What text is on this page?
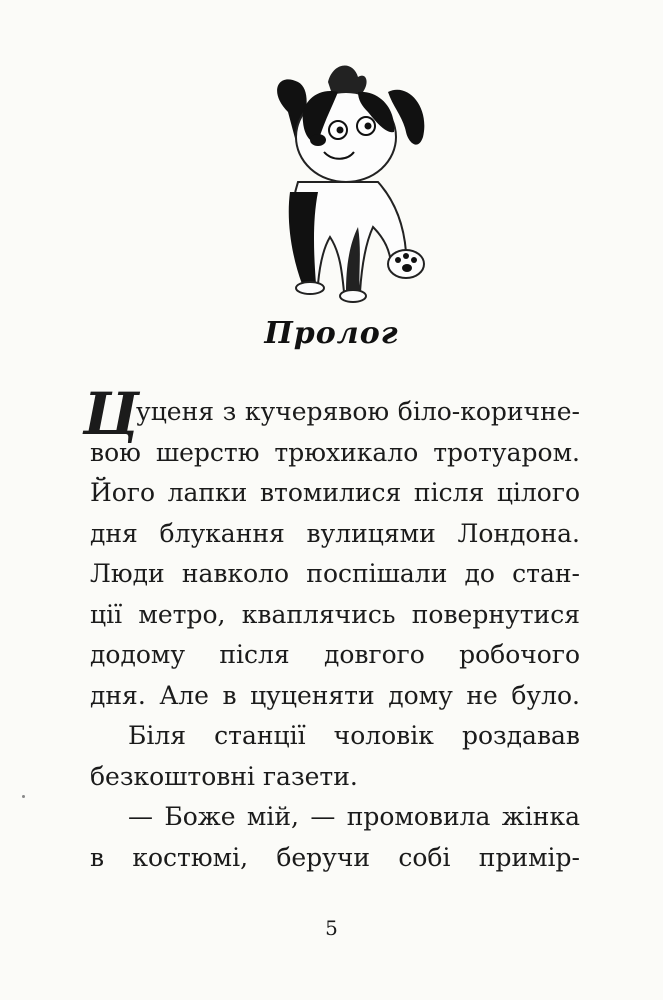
Пролог
Ц
уценя з кучерявою біло-коричне-
вою шерстю трюхикало тротуаром.
Його лапки втомилися після цілого
дня блукання вулицями Лондона.
Люди навколо поспішали до стан-
ції метро, кваплячись повернутися
додому після довгого робочого
дня. Але в цуценяти дому не було.
Біля станції чоловік роздавав
безкоштовні газети.
— Боже мій, — промовила жінка
в костюмі, беручи собі примір-
5
